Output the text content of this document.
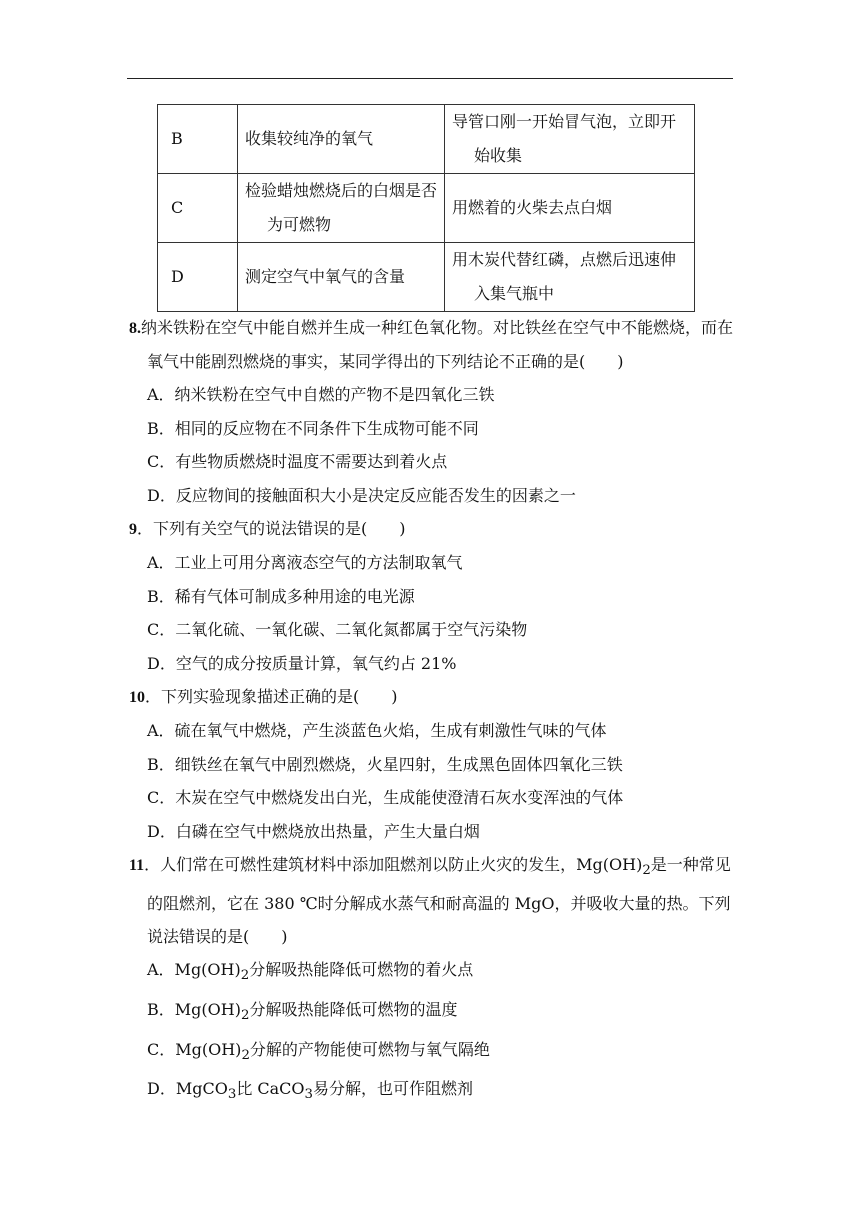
B	收集较纯净的氧气	导管口刚一开始冒气泡，立即开始收集

C	检验蜡烛燃烧后的白烟是否为可燃物	用燃着的火柴去点白烟

D	测定空气中氧气的含量	用木炭代替红磷，点燃后迅速伸入集气瓶中
8.纳米铁粉在空气中能自燃并生成一种红色氧化物。对比铁丝在空气中不能燃烧，而在氧气中能剧烈燃烧的事实，某同学得出的下列结论不正确的是(　　)
A．纳米铁粉在空气中自燃的产物不是四氧化三铁
B．相同的反应物在不同条件下生成物可能不同
C．有些物质燃烧时温度不需要达到着火点
D．反应物间的接触面积大小是决定反应能否发生的因素之一
9．下列有关空气的说法错误的是(　　)
A．工业上可用分离液态空气的方法制取氧气
B．稀有气体可制成多种用途的电光源
C．二氧化硫、一氧化碳、二氧化氮都属于空气污染物
D．空气的成分按质量计算，氧气约占 21%
10．下列实验现象描述正确的是(　　)
A．硫在氧气中燃烧，产生淡蓝色火焰，生成有刺激性气味的气体
B．细铁丝在氧气中剧烈燃烧，火星四射，生成黑色固体四氧化三铁
C．木炭在空气中燃烧发出白光，生成能使澄清石灰水变浑浊的气体
D．白磷在空气中燃烧放出热量，产生大量白烟
11．人们常在可燃性建筑材料中添加阻燃剂以防止火灾的发生，$Mg(OH)_2$是一种常见的阻燃剂，它在 380 ℃时分解成水蒸气和耐高温的 MgO，并吸收大量的热。下列说法错误的是(　　)
A．$Mg(OH)_2$分解吸热能降低可燃物的着火点
B．$Mg(OH)_2$分解吸热能降低可燃物的温度
C．$Mg(OH)_2$分解的产物能使可燃物与氧气隔绝
D．MgCO$_3$比 CaCO$_3$易分解，也可作阻燃剂
